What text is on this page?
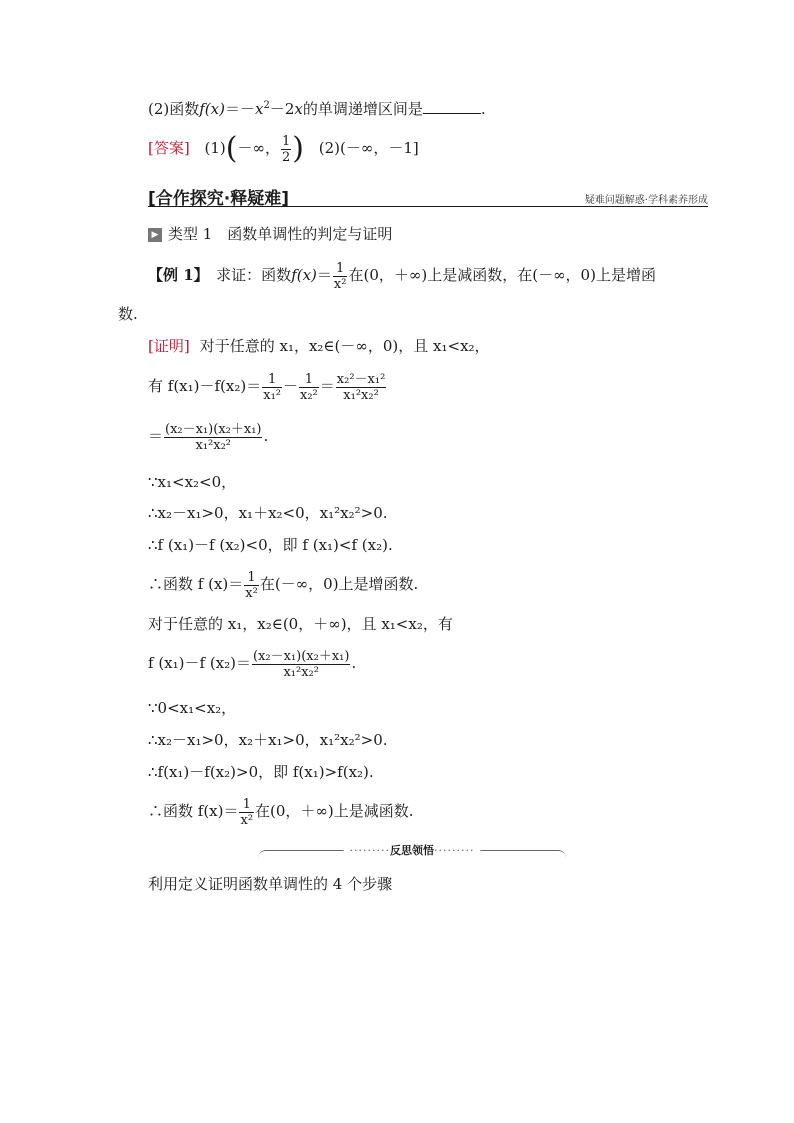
(2)函数$f(x)=-x^2-2x$的单调递增区间是	.
[答案] (1)(－∞， $\frac{1}{2}$ ) (2)(－∞，－1]
[合作探究·释疑难]	疑难问题解惑·学科素养形成
▶ 类型 1　函数单调性的判定与证明
【例 1】　求证：函数$f(x)= \frac{1}{\text{x²}}$ 在(0，＋∞)上是减函数，在(－∞，0)上是增函
数.
[证明] 对于任意的 x₁，x₂∈(－∞，0)，且 x₁<x₂，
有 $f(x_1)-f(x_2)= \frac{1}{\text{x₁²}} - \frac{1}{\text{x₂²}} = \frac{\text{x₂²－x₁²}}{\text{x₁²x₂²}}$
＝ $\frac{\text{(x₂－x₁)(x₂＋x₁)}}{\text{x₁²x₂²}}$ .
∵x₁<x₂<0，
∴x₂－x₁>0，x₁＋x₂<0，x₁²x₂²>0.
∴f (x₁)－f (x₂)<0，即 f (x₁)<f (x₂).
∴函数 f $(x)= \frac{1}{\text{x²}}$ 在(－∞，0)上是增函数.
对于任意的 x₁，x₂∈(0，＋∞)，且 x₁<x₂，有
f (x₁)－f $(x_2)= \frac{\text{(x₂－x₁)(x₂＋x₁)}}{\text{x₁²x₂²}}$ .
∵0<x₁<x₂，
∴x₂－x₁>0，x₂＋x₁>0，x₁²x₂²>0.
∴f(x₁)－f(x₂)>0，即 f(x₁)>f(x₂).
∴函数 $f(x)= \frac{1}{\text{x²}}$ 在(0，＋∞)上是减函数.
·········反思领悟·········
利用定义证明函数单调性的 4 个步骤
